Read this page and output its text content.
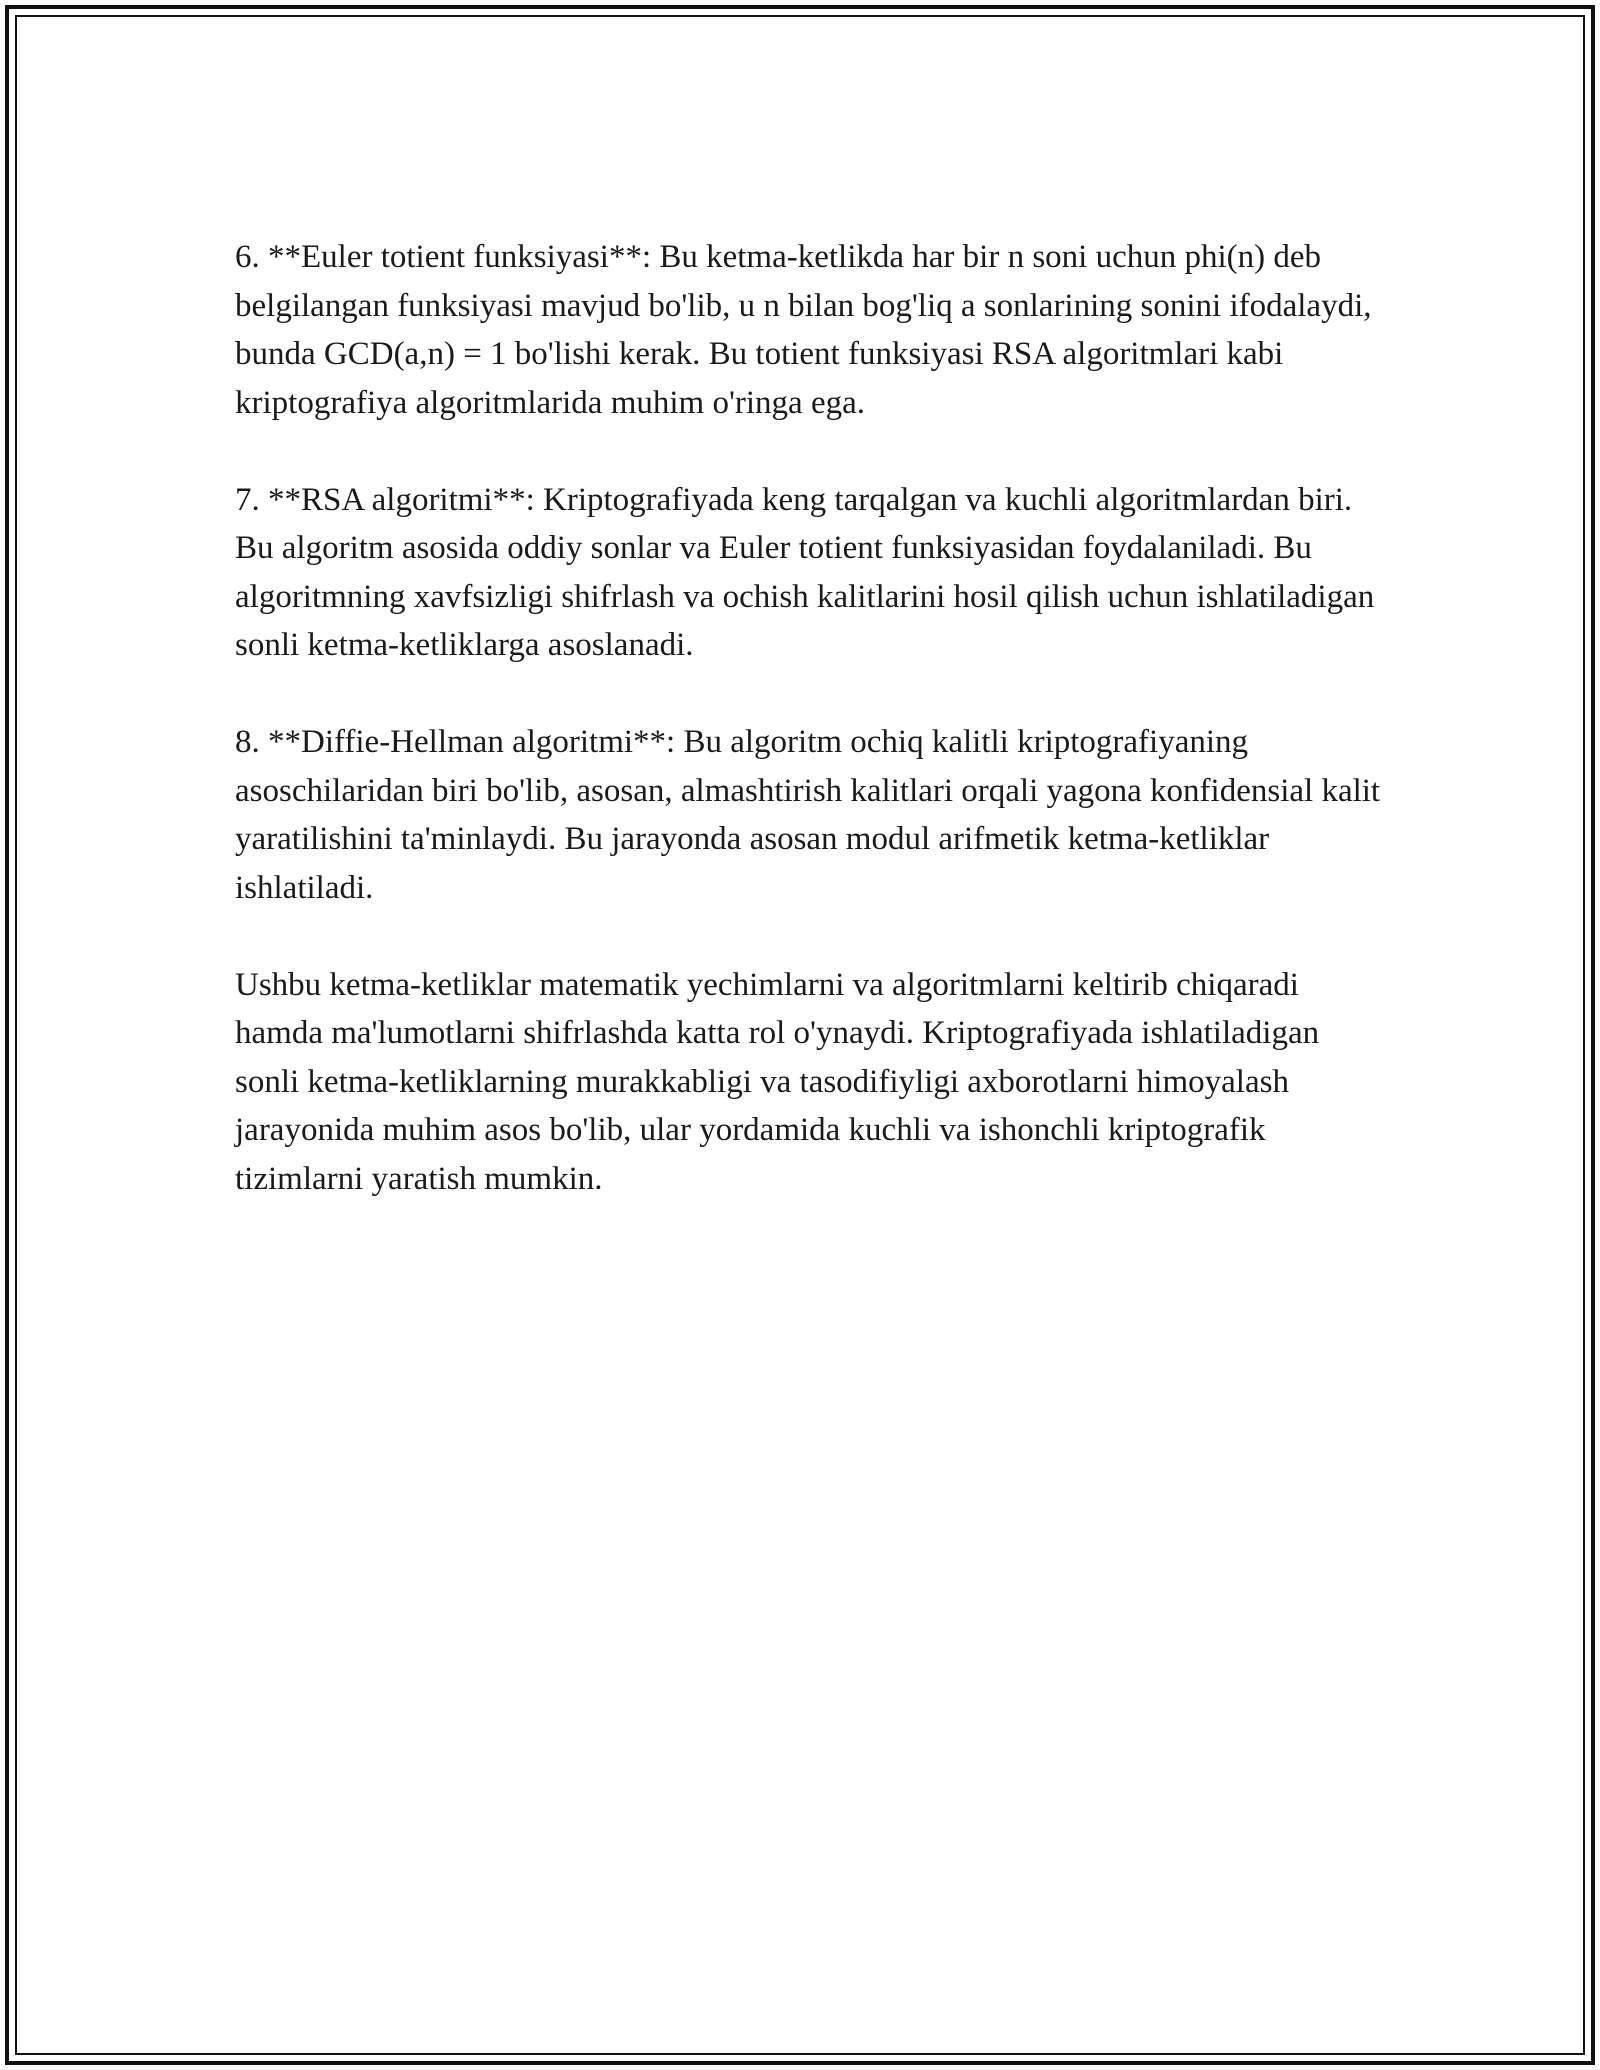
6. **Euler totient funksiyasi**: Bu ketma-ketlikda har bir n soni uchun phi(n) deb belgilangan funksiyasi mavjud bo'lib, u n bilan bog'liq a sonlarining sonini ifodalaydi, bunda GCD(a,n) = 1 bo'lishi kerak. Bu totient funksiyasi RSA algoritmlari kabi kriptografiya algoritmlarida muhim o'ringa ega.

7. **RSA algoritmi**: Kriptografiyada keng tarqalgan va kuchli algoritmlardan biri. Bu algoritm asosida oddiy sonlar va Euler totient funksiyasidan foydalaniladi. Bu algoritmning xavfsizligi shifrlash va ochish kalitlarini hosil qilish uchun ishlatiladigan sonli ketma-ketliklarga asoslanadi.

8. **Diffie-Hellman algoritmi**: Bu algoritm ochiq kalitli kriptografiyaning asoschilaridan biri bo'lib, asosan, almashtirish kalitlari orqali yagona konfidensial kalit yaratilishini ta'minlaydi. Bu jarayonda asosan modul arifmetik ketma-ketliklar ishlatiladi.

Ushbu ketma-ketliklar matematik yechimlarni va algoritmlarni keltirib chiqaradi hamda ma'lumotlarni shifrlashda katta rol o'ynaydi. Kriptografiyada ishlatiladigan sonli ketma-ketliklarning murakkabligi va tasodifiyligi axborotlarni himoyalash jarayonida muhim asos bo'lib, ular yordamida kuchli va ishonchli kriptografik tizimlarni yaratish mumkin.
